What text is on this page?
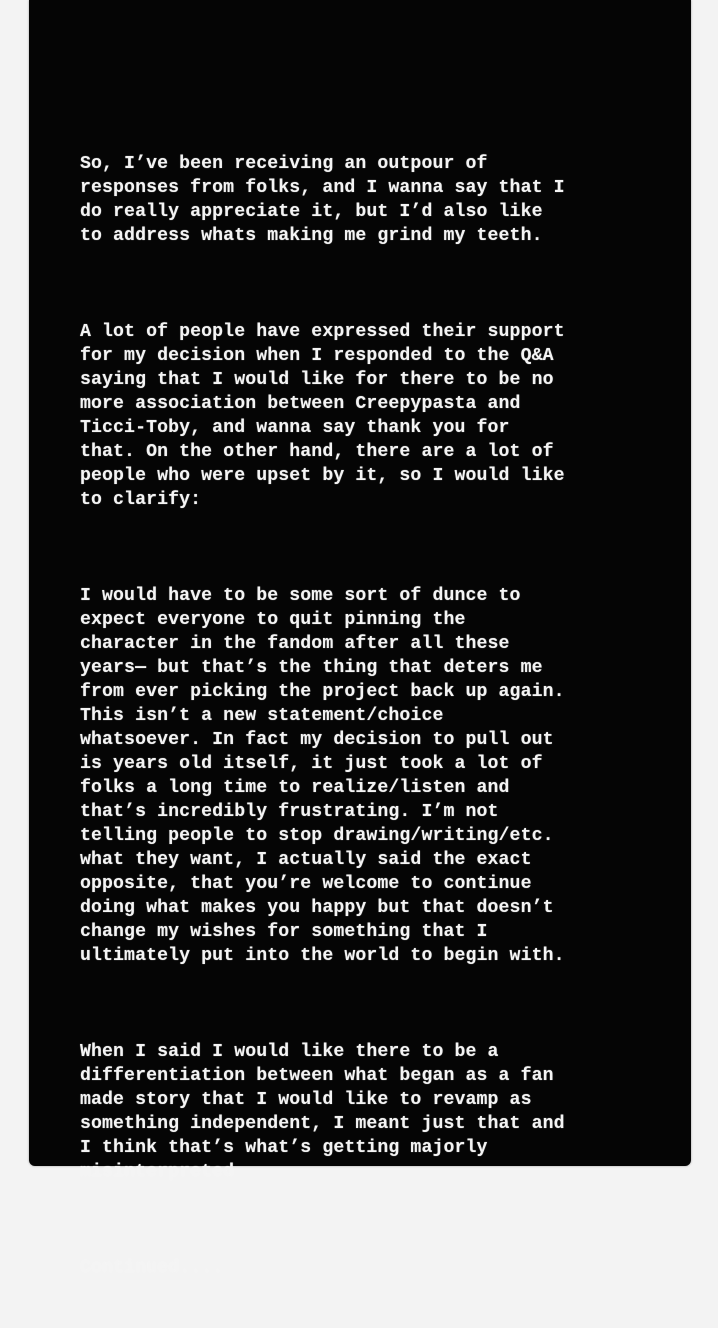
So, I’ve been receiving an outpour of
responses from folks, and I wanna say that I
do really appreciate it, but I’d also like
to address whats making me grind my teeth.

A lot of people have expressed their support
for my decision when I responded to the Q&A
saying that I would like for there to be no
more association between Creepypasta and
Ticci-Toby, and wanna say thank you for
that. On the other hand, there are a lot of
people who were upset by it, so I would like
to clarify:

I would have to be some sort of dunce to
expect everyone to quit pinning the
character in the fandom after all these
years— but that’s the thing that deters me
from ever picking the project back up again.
This isn’t a new statement/choice
whatsoever. In fact my decision to pull out
is years old itself, it just took a lot of
folks a long time to realize/listen and
that’s incredibly frustrating. I’m not
telling people to stop drawing/writing/etc.
what they want, I actually said the exact
opposite, that you’re welcome to continue
doing what makes you happy but that doesn’t
change my wishes for something that I
ultimately put into the world to begin with.

When I said I would like there to be a
differentiation between what began as a fan
made story that I would like to revamp as
something independent, I meant just that and
I think that’s what’s getting majorly
misinterpreted

Continued....
